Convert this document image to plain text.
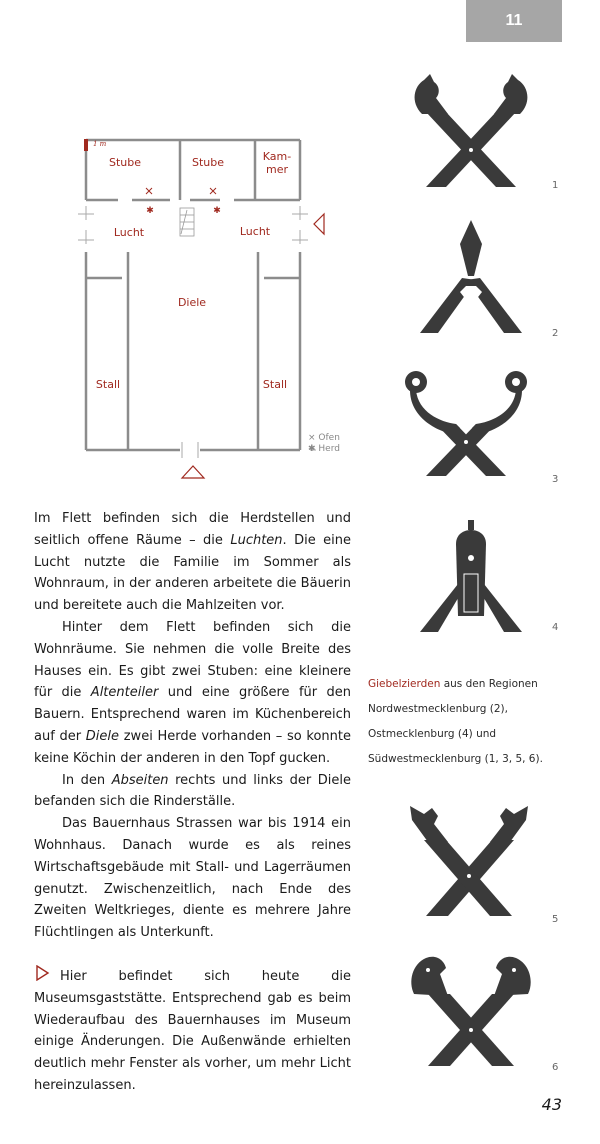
11
1 m
✱	✱
Stube	Stube	Kam-
mer
Lucht	Lucht
Diele
Stall	Stall
× Ofen
✱ Herd
1
2
3
4
5
6
Giebelzierden aus den Regionen
Nordwestmecklenburg (2),
Ostmecklenburg (4) und
Südwestmecklenburg (1, 3, 5, 6).

Im Flett befinden sich die Herdstellen und seitlich offene Räume – die Luchten. Die eine Lucht nutzte die Familie im Sommer als Wohnraum, in der anderen arbeitete die Bäuerin und bereitete auch die Mahlzeiten vor.

Hinter dem Flett befinden sich die Wohnräume. Sie nehmen die volle Breite des Hauses ein. Es gibt zwei Stuben: eine kleinere für die Altenteiler und eine größere für den Bauern. Entsprechend waren im Küchenbereich auf der Diele zwei Herde vorhanden – so konnte keine Köchin der anderen in den Topf gucken.

In den Abseiten rechts und links der Diele befanden sich die Rinderställe.

Das Bauernhaus Strassen war bis 1914 ein Wohnhaus. Danach wurde es als reines Wirtschaftsgebäude mit Stall- und Lagerräumen genutzt. Zwischenzeitlich, nach Ende des Zweiten Weltkrieges, diente es mehrere Jahre Flüchtlingen als Unterkunft.

Hier befindet sich heute die Museumsgaststätte. Entsprechend gab es beim Wiederaufbau des Bauernhauses im Museum einige Änderungen. Die Außenwände erhielten deutlich mehr Fenster als vorher, um mehr Licht hereinzulassen.

43
